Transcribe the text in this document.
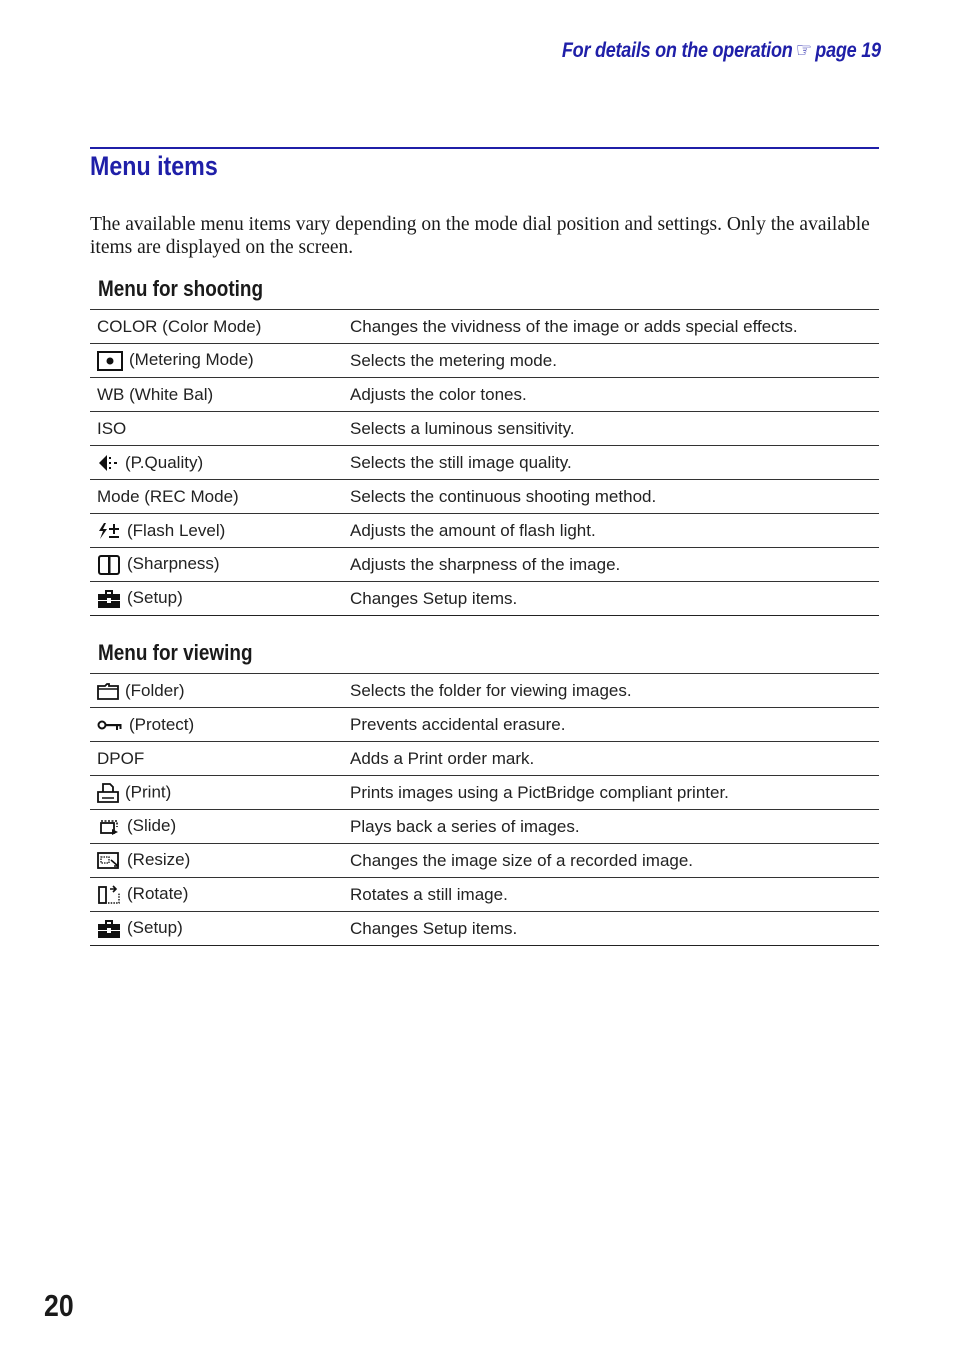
For details on the operation ☞ page 19
Menu items
The available menu items vary depending on the mode dial position and settings. Only the available items are displayed on the screen.
Menu for shooting
COLOR (Color Mode)	Changes the vividness of the image or adds special effects.

(Metering Mode)	Selects the metering mode.
WB (White Bal)	Adjusts the color tones.
ISO	Selects a luminous sensitivity.

(P.Quality)	Selects the still image quality.
Mode (REC Mode)	Selects the continuous shooting method.

(Flash Level)	Adjusts the amount of flash light.

(Sharpness)	Adjusts the sharpness of the image.

(Setup)	Changes Setup items.
Menu for viewing
(Folder)	Selects the folder for viewing images.

(Protect)	Prevents accidental erasure.
DPOF	Adds a Print order mark.

(Print)	Prints images using a PictBridge compliant printer.

(Slide)	Plays back a series of images.

(Resize)	Changes the image size of a recorded image.

(Rotate)	Rotates a still image.

(Setup)	Changes Setup items.
20
